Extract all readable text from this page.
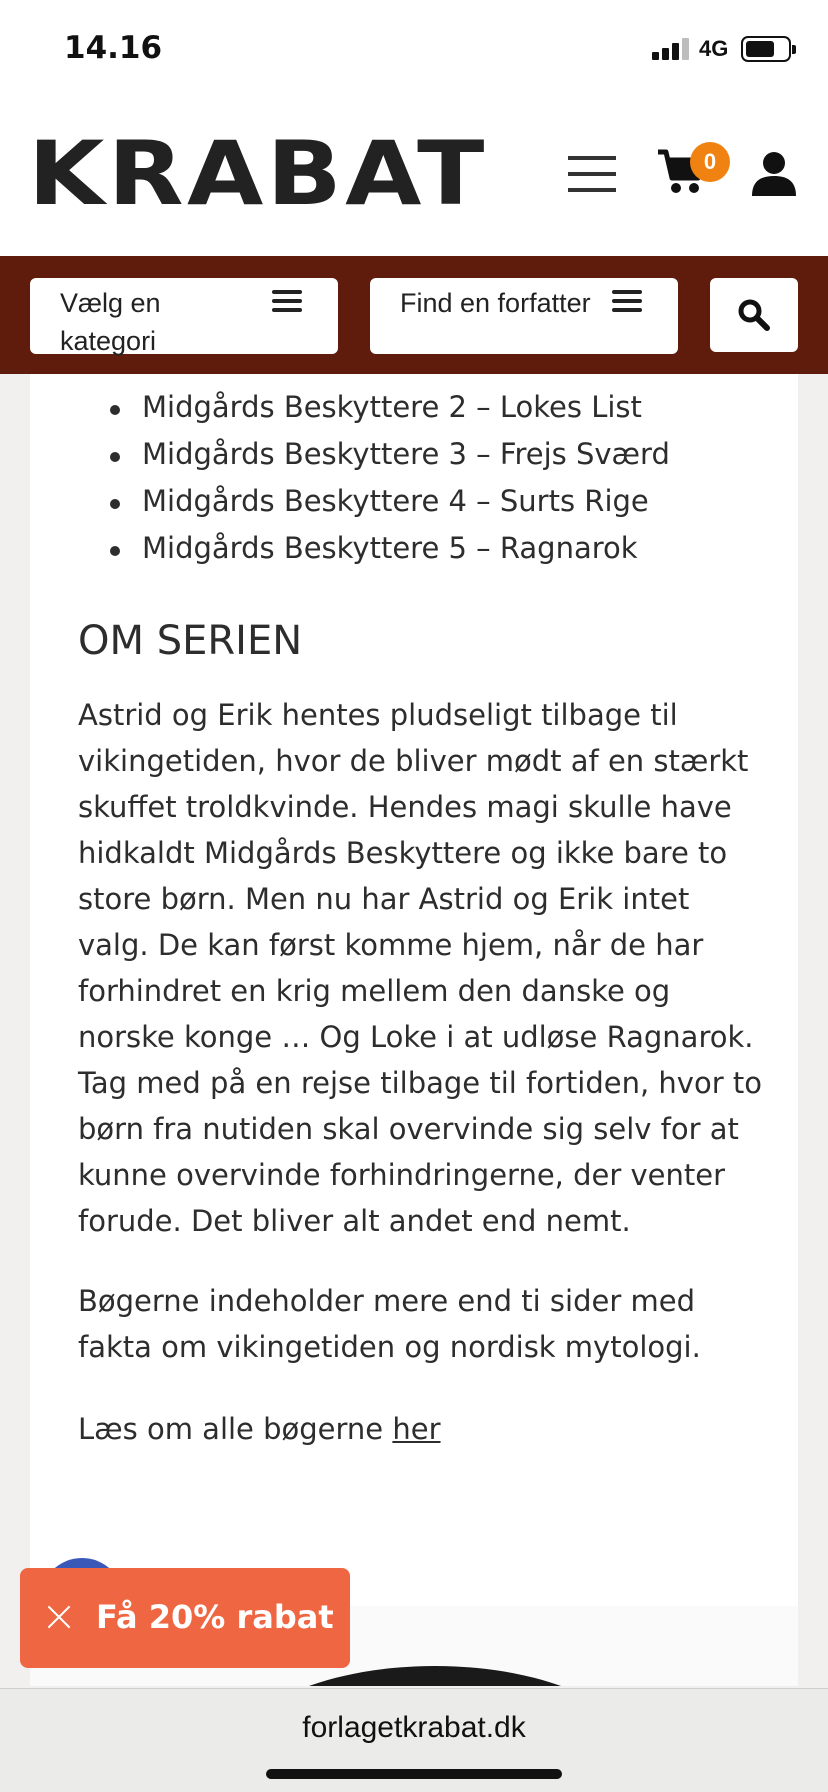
14.16	4G
KRABAT	0
Vælg en kategori
Find en forfatter
Midgårds Beskyttere 2 – Lokes List
Midgårds Beskyttere 3 – Frejs Sværd
Midgårds Beskyttere 4 – Surts Rige
Midgårds Beskyttere 5 – Ragnarok
OM SERIEN

Astrid og Erik hentes pludseligt tilbage til vikingetiden, hvor de bliver mødt af en stærkt skuffet troldkvinde. Hendes magi skulle have hidkaldt Midgårds Beskyttere og ikke bare to store børn. Men nu har Astrid og Erik intet valg. De kan først komme hjem, når de har forhindret en krig mellem den danske og norske konge … Og Loke i at udløse Ragnarok. Tag med på en rejse tilbage til fortiden, hvor to børn fra nutiden skal overvinde sig selv for at kunne overvinde forhindringerne, der venter forude. Det bliver alt andet end nemt.

Bøgerne indeholder mere end ti sider med fakta om vikingetiden og nordisk mytologi.

Læs om alle bøgerne her

Få 20% rabat
forlagetkrabat.dk
